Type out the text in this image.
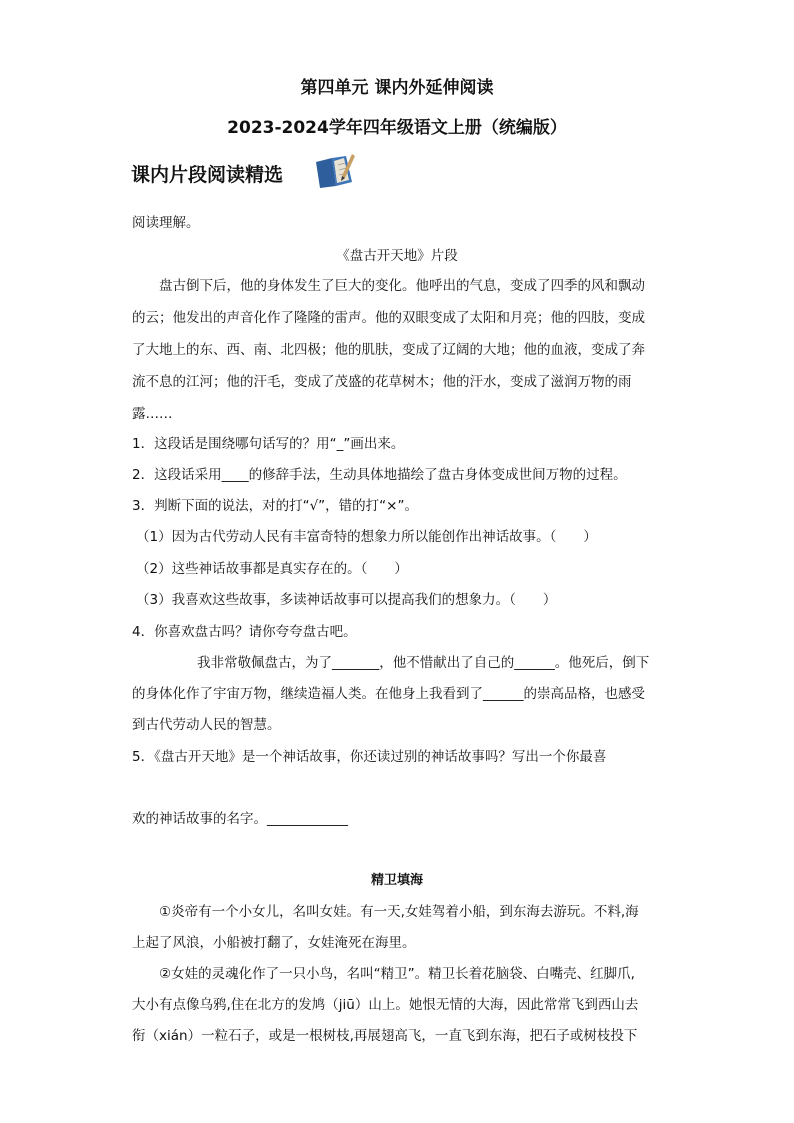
第四单元 课内外延伸阅读
2023-2024学年四年级语文上册（统编版）
课内片段阅读精选
阅读理解。
《盘古开天地》片段
盘古倒下后，他的身体发生了巨大的变化。他呼出的气息，变成了四季的风和飘动
的云；他发出的声音化作了隆隆的雷声。他的双眼变成了太阳和月亮；他的四肢，变成
了大地上的东、西、南、北四极；他的肌肤，变成了辽阔的大地；他的血液，变成了奔
流不息的江河；他的汗毛，变成了茂盛的花草树木；他的汗水，变成了滋润万物的雨
露……
1．这段话是围绕哪句话写的？用“_”画出来。
2．这段话采用____的修辞手法，生动具体地描绘了盘古身体变成世间万物的过程。
3．判断下面的说法，对的打“√”，错的打“×”。
（1）因为古代劳动人民有丰富奇特的想象力所以能创作出神话故事。（　　）
（2）这些神话故事都是真实存在的。（　　）
（3）我喜欢这些故事，多读神话故事可以提高我们的想象力。（　　）
4．你喜欢盘古吗？请你夸夸盘古吧。
我非常敬佩盘古，为了_______，他不惜献出了自己的______。他死后，倒下
的身体化作了宇宙万物，继续造福人类。在他身上我看到了______的崇高品格，也感受
到古代劳动人民的智慧。
5．《盘古开天地》是一个神话故事，你还读过别的神话故事吗？写出一个你最喜
欢的神话故事的名字。____________
精卫填海
①炎帝有一个小女儿，名叫女娃。有一天,女娃驾着小船，到东海去游玩。不料,海
上起了风浪，小船被打翻了，女娃淹死在海里。
②女娃的灵魂化作了一只小鸟，名叫“精卫”。精卫长着花脑袋、白嘴壳、红脚爪,
大小有点像乌鸦,住在北方的发鸠（jiū）山上。她恨无情的大海，因此常常飞到西山去
衔（xián）一粒石子，或是一根树枝,再展翅高飞，一直飞到东海，把石子或树枝投下
